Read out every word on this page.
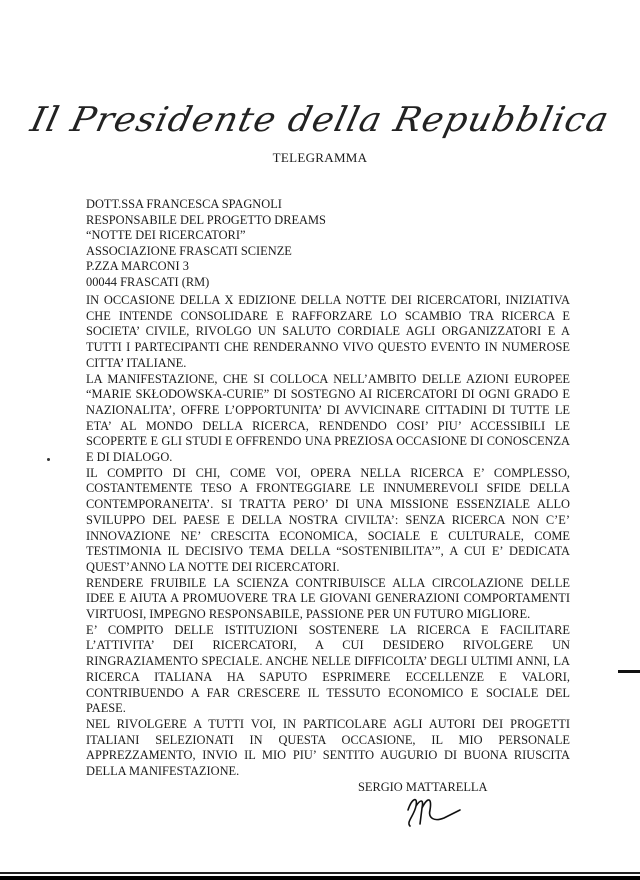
Il Presidente della Repubblica
TELEGRAMMA
DOTT.SSA FRANCESCA SPAGNOLI
RESPONSABILE DEL PROGETTO DREAMS
“NOTTE DEI RICERCATORI”
ASSOCIAZIONE FRASCATI SCIENZE
P.ZZA MARCONI 3
00044 FRASCATI (RM)

IN OCCASIONE DELLA X EDIZIONE DELLA NOTTE DEI RICERCATORI, INIZIATIVA CHE INTENDE CONSOLIDARE E RAFFORZARE LO SCAMBIO TRA RICERCA E SOCIETA’ CIVILE, RIVOLGO UN SALUTO CORDIALE AGLI ORGANIZZATORI E A TUTTI I PARTECIPANTI CHE RENDERANNO VIVO QUESTO EVENTO IN NUMEROSE CITTA’ ITALIANE.

LA MANIFESTAZIONE, CHE SI COLLOCA NELL’AMBITO DELLE AZIONI EUROPEE “MARIE SKŁODOWSKA-CURIE” DI SOSTEGNO AI RICERCATORI DI OGNI GRADO E NAZIONALITA’, OFFRE L’OPPORTUNITA’ DI AVVICINARE CITTADINI DI TUTTE LE ETA’ AL MONDO DELLA RICERCA, RENDENDO COSI’ PIU’ ACCESSIBILI LE SCOPERTE E GLI STUDI E OFFRENDO UNA PREZIOSA OCCASIONE DI CONOSCENZA E DI DIALOGO.

IL COMPITO DI CHI, COME VOI, OPERA NELLA RICERCA E’ COMPLESSO, COSTANTEMENTE TESO A FRONTEGGIARE LE INNUMEREVOLI SFIDE DELLA CONTEMPORANEITA’. SI TRATTA PERO’ DI UNA MISSIONE ESSENZIALE ALLO SVILUPPO DEL PAESE E DELLA NOSTRA CIVILTA’: SENZA RICERCA NON C’E’ INNOVAZIONE NE’ CRESCITA ECONOMICA, SOCIALE E CULTURALE, COME TESTIMONIA IL DECISIVO TEMA DELLA “SOSTENIBILITA’”, A CUI E’ DEDICATA QUEST’ANNO LA NOTTE DEI RICERCATORI.

RENDERE FRUIBILE LA SCIENZA CONTRIBUISCE ALLA CIRCOLAZIONE DELLE IDEE E AIUTA A PROMUOVERE TRA LE GIOVANI GENERAZIONI COMPORTAMENTI VIRTUOSI, IMPEGNO RESPONSABILE, PASSIONE PER UN FUTURO MIGLIORE.

E’ COMPITO DELLE ISTITUZIONI SOSTENERE LA RICERCA E FACILITARE L’ATTIVITA’ DEI RICERCATORI, A CUI DESIDERO RIVOLGERE UN RINGRAZIAMENTO SPECIALE. ANCHE NELLE DIFFICOLTA’ DEGLI ULTIMI ANNI, LA RICERCA ITALIANA HA SAPUTO ESPRIMERE ECCELLENZE E VALORI, CONTRIBUENDO A FAR CRESCERE IL TESSUTO ECONOMICO E SOCIALE DEL PAESE.

NEL RIVOLGERE A TUTTI VOI, IN PARTICOLARE AGLI AUTORI DEI PROGETTI ITALIANI SELEZIONATI IN QUESTA OCCASIONE, IL MIO PERSONALE APPREZZAMENTO, INVIO IL MIO PIU’ SENTITO AUGURIO DI BUONA RIUSCITA DELLA MANIFESTAZIONE.

SERGIO MATTARELLA
